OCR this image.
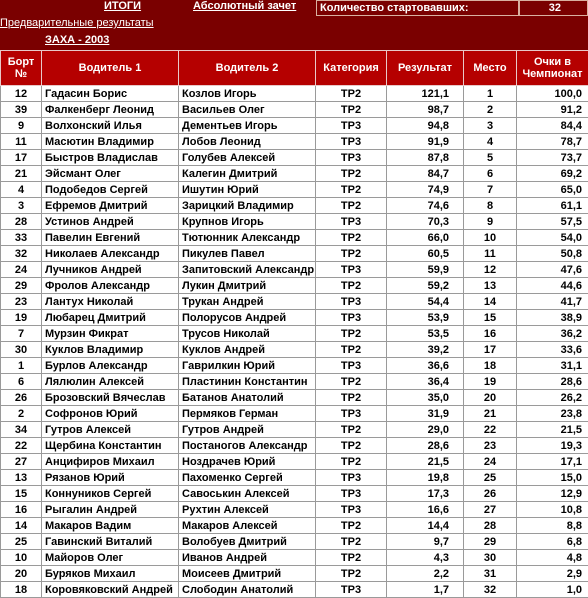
ИТОГИ	Абсолютный зачет	Количество стартовавших:	32
Предварительные результаты
ЗАХА - 2003
Борт №	Водитель 1	Водитель 2	Категория	Результат	Место	Очки в Чемпионат
12	Гадасин Борис	Козлов Игорь	ТР2	121,1	1	100,0
39	Фалкенберг Леонид	Васильев Олег	ТР2	98,7	2	91,2
9	Волхонский Илья	Дементьев Игорь	ТР3	94,8	3	84,4
11	Масютин Владимир	Лобов Леонид	ТР3	91,9	4	78,7
17	Быстров Владислав	Голубев Алексей	ТР3	87,8	5	73,7
21	Эйсмант Олег	Калегин Дмитрий	ТР2	84,7	6	69,2
4	Подобедов Сергей	Ишутин Юрий	ТР2	74,9	7	65,0
3	Ефремов Дмитрий	Зарицкий Владимир	ТР2	74,6	8	61,1
28	Устинов Андрей	Крупнов Игорь	ТР3	70,3	9	57,5
33	Павелин Евгений	Тютюнник Александр	ТР2	66,0	10	54,0
32	Николаев Александр	Пикулев Павел	ТР2	60,5	11	50,8
24	Лучников Андрей	Запитовский Александр	ТР3	59,9	12	47,6
29	Фролов Александр	Лукин Дмитрий	ТР2	59,2	13	44,6
23	Лантух Николай	Трукан Андрей	ТР3	54,4	14	41,7
19	Любарец Дмитрий	Полорусов Андрей	ТР3	53,9	15	38,9
7	Мурзин Фикрат	Трусов Николай	ТР2	53,5	16	36,2
30	Куклов Владимир	Куклов Андрей	ТР2	39,2	17	33,6
1	Бурлов Александр	Гаврилкин Юрий	ТР3	36,6	18	31,1
6	Лялюлин Алексей	Пластинин Константин	ТР2	36,4	19	28,6
26	Брозовский Вячеслав	Батанов Анатолий	ТР2	35,0	20	26,2
2	Софронов Юрий	Пермяков Герман	ТР3	31,9	21	23,8
34	Гутров Алексей	Гутров Андрей	ТР2	29,0	22	21,5
22	Щербина Константин	Постаногов Александр	ТР2	28,6	23	19,3
27	Анцифиров Михаил	Ноздрачев Юрий	ТР2	21,5	24	17,1
13	Рязанов Юрий	Пахоменко Сергей	ТР3	19,8	25	15,0
15	Коннуников Сергей	Савоськин Алексей	ТР3	17,3	26	12,9
16	Рыгалин Андрей	Рухтин Алексей	ТР3	16,6	27	10,8
14	Макаров Вадим	Макаров Алексей	ТР2	14,4	28	8,8
25	Гавинский Виталий	Волобуев Дмитрий	ТР2	9,7	29	6,8
10	Майоров Олег	Иванов Андрей	ТР2	4,3	30	4,8
20	Буряков Михаил	Моисеев Дмитрий	ТР2	2,2	31	2,9
18	Коровяковский Андрей	Слободин Анатолий	ТР3	1,7	32	1,0
